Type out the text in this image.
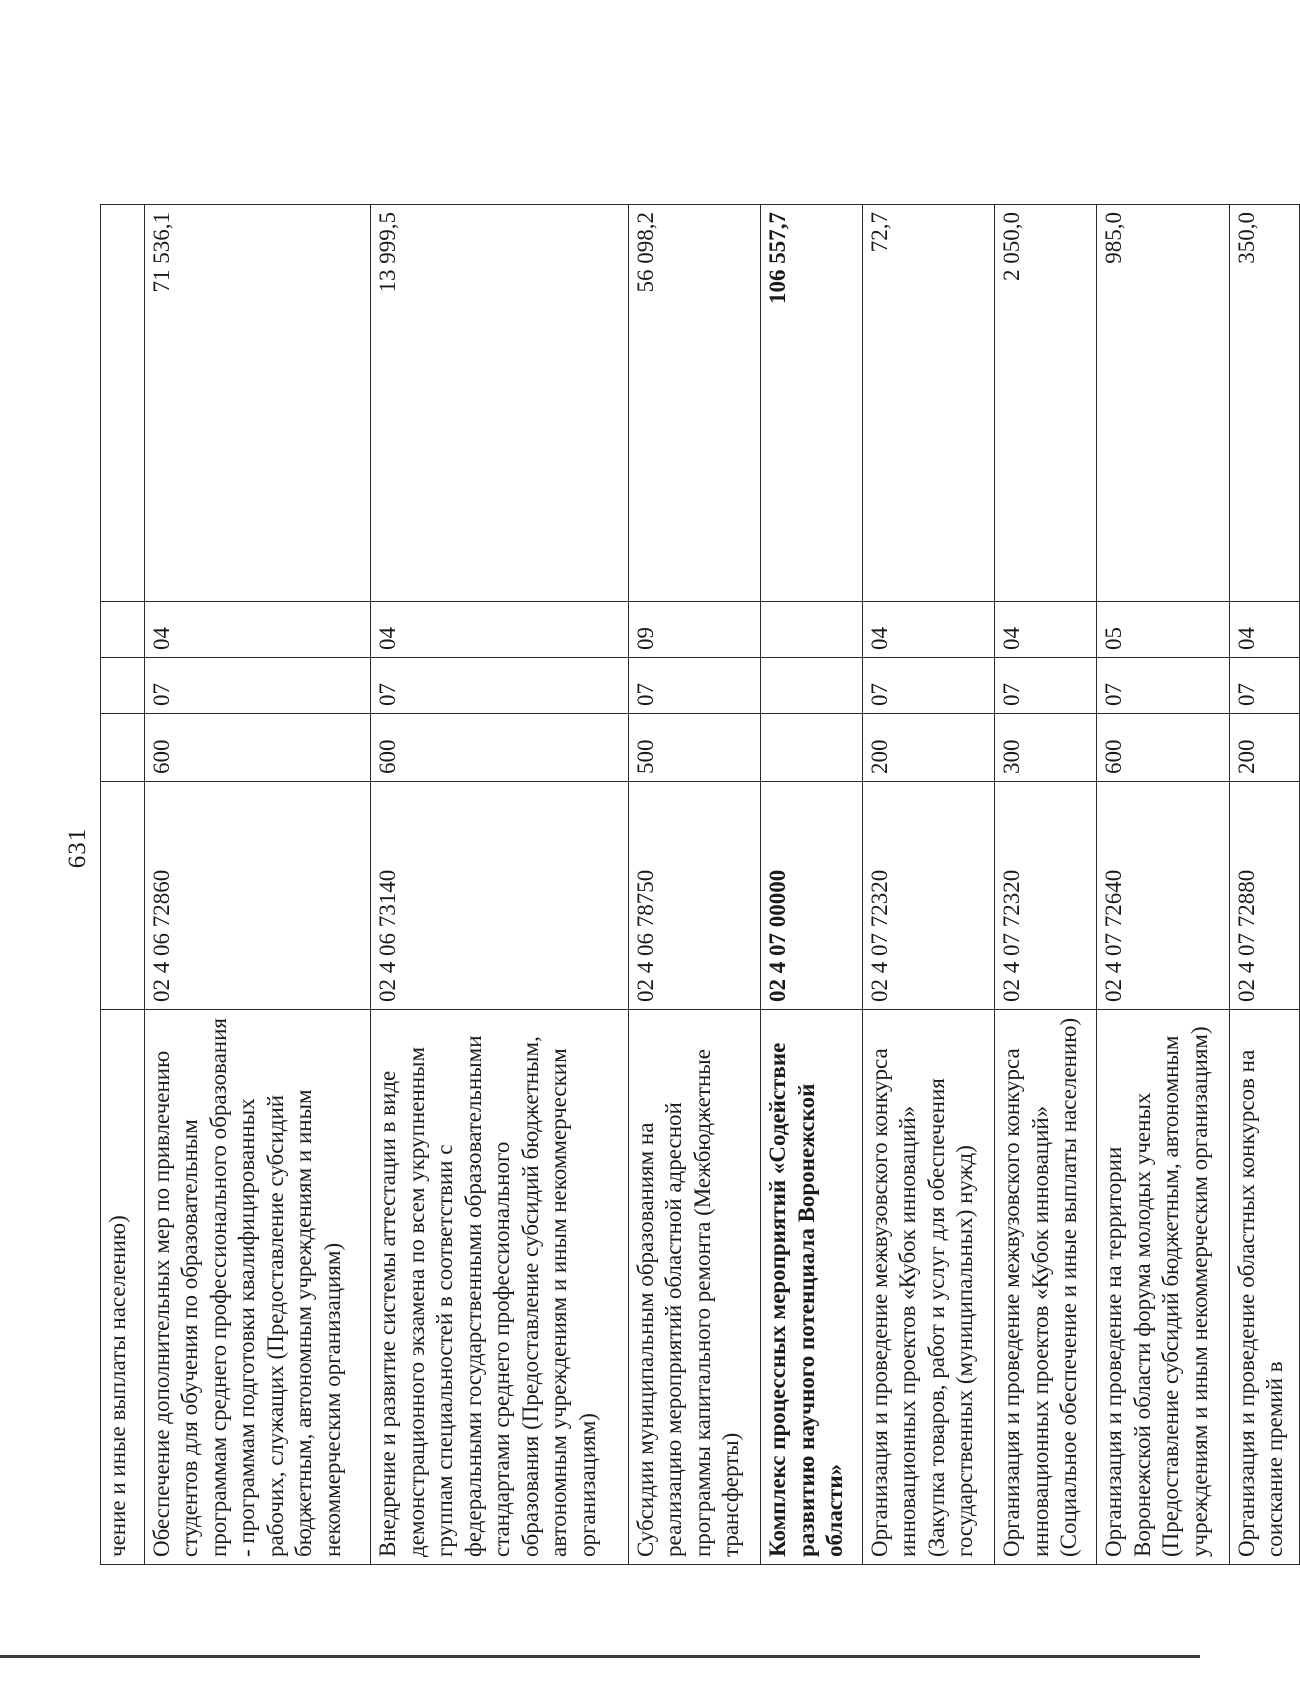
631
чение и иные выплаты населению)					
Обеспечение дополнительных мер по привлечению студентов для обучения по образовательным программам среднего профессионального образования - программам подготовки квалифицированных рабочих, служащих (Предоставление субсидий бюджетным, автономным учреждениям и иным некоммерческим организациям)	02 4 06 72860	600	07	04	71 536,1
Внедрение и развитие системы аттестации в виде демонстрационного экзамена по всем укрупненным группам специальностей в соответствии с федеральными государственными образовательными стандартами среднего профессионального образования (Предоставление субсидий бюджетным, автономным учреждениям и иным некоммерческим организациям)	02 4 06 73140	600	07	04	13 999,5
Субсидии муниципальным образованиям на реализацию мероприятий областной адресной программы капитального ремонта (Межбюджетные трансферты)	02 4 06 78750	500	07	09	56 098,2
Комплекс процессных мероприятий «Содействие развитию научного потенциала Воронежской области»	02 4 07 00000				106 557,7
Организация и проведение межвузовского конкурса инновационных проектов «Кубок инноваций» (Закупка товаров, работ и услуг для обеспечения государственных (муниципальных) нужд)	02 4 07 72320	200	07	04	72,7
Организация и проведение межвузовского конкурса инновационных проектов «Кубок инноваций» (Социальное обеспечение и иные выплаты населению)	02 4 07 72320	300	07	04	2 050,0
Организация и проведение на территории Воронежской области форума молодых ученых (Предоставление субсидий бюджетным, автономным учреждениям и иным некоммерческим организациям)	02 4 07 72640	600	07	05	985,0
Организация и проведение областных конкурсов на соискание премий в	02 4 07 72880	200	07	04	350,0
